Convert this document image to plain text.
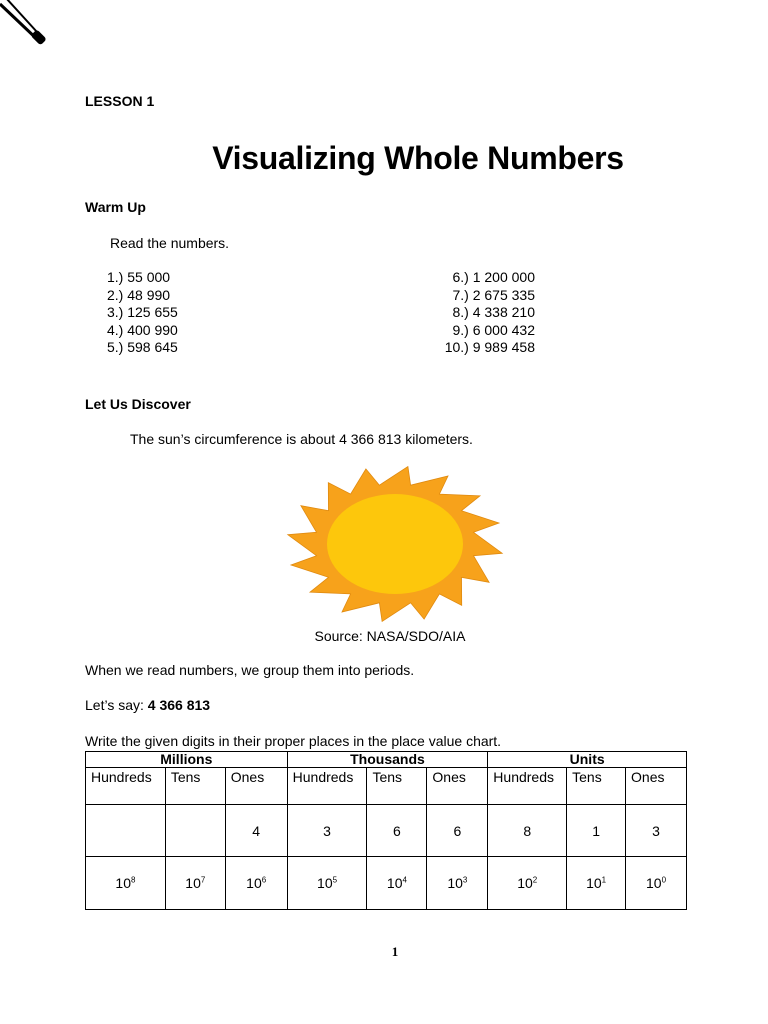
LESSON 1
Visualizing Whole Numbers
Warm Up
Read the numbers.
1.) 55 000
2.) 48 990
3.) 125 655
4.) 400 990
5.) 598 645
6.) 1 200 000
7.) 2 675 335
8.) 4 338 210
9.) 6 000 432
10.) 9 989 458
Let Us Discover
The sun’s circumference is about 4 366 813 kilometers.
Source: NASA/SDO/AIA
When we read numbers, we group them into periods.
Let’s say: 4 366 813
Write the given digits in their proper places in the place value chart.
Millions			Thousands			Units		
Hundreds	Tens	Ones	Hundreds	Tens	Ones	Hundreds	Tens	Ones
		4	3	6	6	8	1	3
$10^8$	$10^7$	$10^6$	$10^5$	$10^4$	$10^3$	$10^2$	$10^1$	$10^0$
1
